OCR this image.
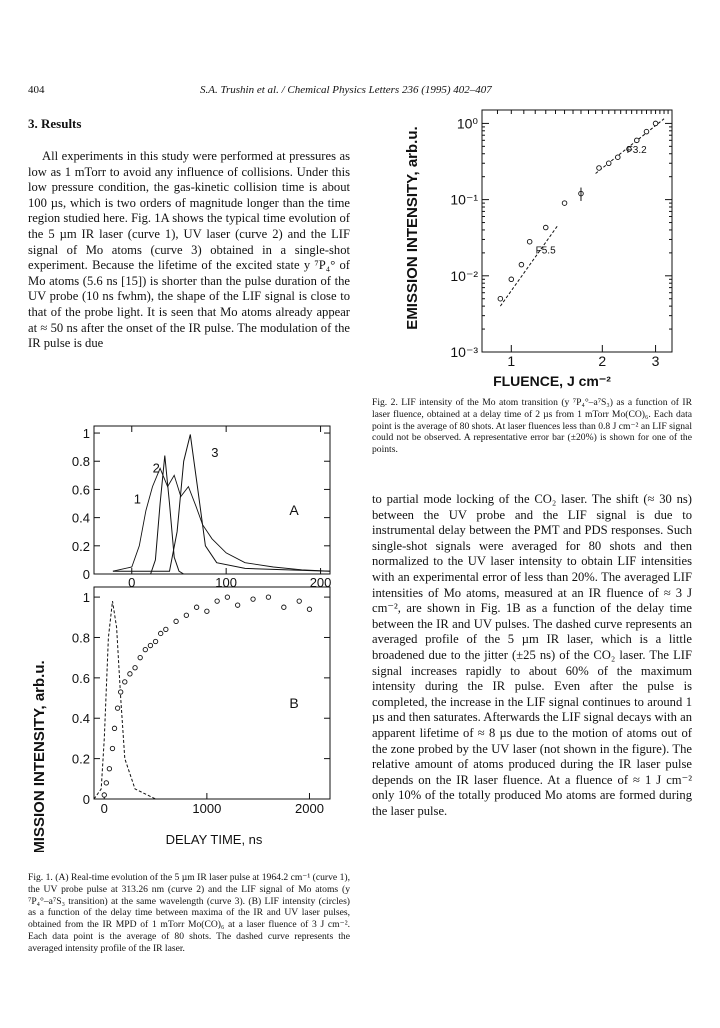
404	S.A. Trushin et al. / Chemical Physics Letters 236 (1995) 402–407
3. Results
All experiments in this study were performed at pressures as low as 1 mTorr to avoid any influence of collisions. Under this low pressure condition, the gas-kinetic collision time is about 100 µs, which is two orders of magnitude longer than the time region studied here. Fig. 1A shows the typical time evolution of the 5 µm IR laser (curve 1), UV laser (curve 2) and the LIF signal of Mo atoms (curve 3) obtained in a single-shot experiment. Because the lifetime of the excited state y ⁷P₄° of Mo atoms (5.6 ns [15]) is shorter than the pulse duration of the UV probe (10 ns fwhm), the shape of the LIF signal is close to that of the probe light. It is seen that Mo atoms already appear at ≈ 50 ns after the onset of the IR pulse. The modulation of the IR pulse is due
1
0.8
0.6
0.4
0.2
0
0	100	200
1
2
3
A
1
0.8
0.6
0.4
0.2
0
0	1000	2000
B
EMISSION INTENSITY, arb.u.	DELAY TIME, ns
Fig. 1. (A) Real-time evolution of the 5 µm IR laser pulse at 1964.2 cm⁻¹ (curve 1), the UV probe pulse at 313.26 nm (curve 2) and the LIF signal of Mo atoms (y ⁷P₄°–a⁷S₃ transition) at the same wavelength (curve 3). (B) LIF intensity (circles) as a function of the delay time between maxima of the IR and UV laser pulses, obtained from the IR MPD of 1 mTorr Mo(CO)₆ at a laser fluence of 3 J cm⁻². Each data point is the average of 80 shots. The dashed curve represents the averaged intensity profile of the IR laser.
10⁰
10⁻¹
10⁻²
10⁻³
1	2	3
F3.2
F5.5
EMISSION INTENSITY, arb.u.
FLUENCE, J cm⁻²
Fig. 2. LIF intensity of the Mo atom transition (y ⁷P₄°–a⁷S₃) as a function of IR laser fluence, obtained at a delay time of 2 µs from 1 mTorr Mo(CO)₆. Each data point is the average of 80 shots. At laser fluences less than 0.8 J cm⁻² an LIF signal could not be observed. A representative error bar (±20%) is shown for one of the points.
to partial mode locking of the CO₂ laser. The shift (≈ 30 ns) between the UV probe and the LIF signal is due to instrumental delay between the PMT and PDS responses. Such single-shot signals were averaged for 80 shots and then normalized to the UV laser intensity to obtain LIF intensities with an experimental error of less than 20%. The averaged LIF intensities of Mo atoms, measured at an IR fluence of ≈ 3 J cm⁻², are shown in Fig. 1B as a function of the delay time between the IR and UV pulses. The dashed curve represents an averaged profile of the 5 µm IR laser, which is a little broadened due to the jitter (±25 ns) of the CO₂ laser. The LIF signal increases rapidly to about 60% of the maximum intensity during the IR pulse. Even after the pulse is completed, the increase in the LIF signal continues to around 1 µs and then saturates. Afterwards the LIF signal decays with an apparent lifetime of ≈ 8 µs due to the motion of atoms out of the zone probed by the UV laser (not shown in the figure). The relative amount of atoms produced during the IR laser pulse depends on the IR laser fluence. At a fluence of ≈ 1 J cm⁻² only 10% of the totally produced Mo atoms are formed during the laser pulse.
